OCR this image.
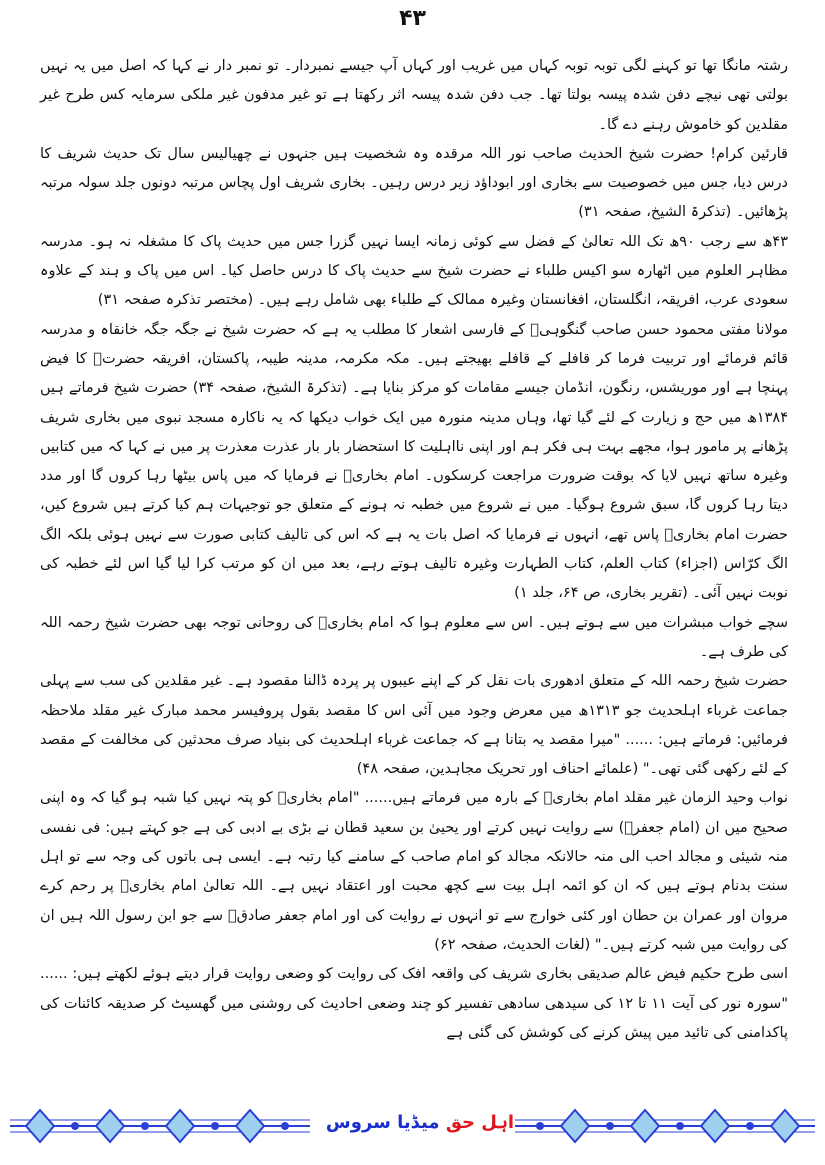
۴۳

رشتہ مانگا تھا تو کہنے لگی توبہ توبہ کہاں میں غریب اور کہاں آپ جیسے نمبردار۔ تو نمبر دار نے کہا کہ اصل میں یہ نہیں بولتی تھی نیچے دفن شدہ پیسہ بولتا تھا۔ جب دفن شدہ پیسہ اثر رکھتا ہے تو غیر مدفون غیر ملکی سرمایہ کس طرح غیر مقلدین کو خاموش رہنے دے گا۔

قارئین کرام! حضرت شیخ الحدیث صاحب نور اللہ مرقدہ وہ شخصیت ہیں جنہوں نے چھیالیس سال تک حدیث شریف کا درس دیا، جس میں خصوصیت سے بخاری اور ابوداؤد زیر درس رہیں۔ بخاری شریف اول پچاس مرتبہ دونوں جلد سولہ مرتبہ پڑھائیں۔ (تذکرۃ الشیخ، صفحہ ۳۱)

۴۳ھ سے رجب ۹۰ھ تک اللہ تعالیٰ کے فضل سے کوئی زمانہ ایسا نہیں گزرا جس میں حدیث پاک کا مشغلہ نہ ہو۔ مدرسہ مظاہر العلوم میں اٹھارہ سو اکیس طلباء نے حضرت شیخ سے حدیث پاک کا درس حاصل کیا۔ اس میں پاک و ہند کے علاوہ سعودی عرب، افریقہ، انگلستان، افغانستان وغیرہ ممالک کے طلباء بھی شامل رہے ہیں۔ (مختصر تذکرہ صفحہ ۳۱)

مولانا مفتی محمود حسن صاحب گنگوہیؒ کے فارسی اشعار کا مطلب یہ ہے کہ حضرت شیخ نے جگہ جگہ خانقاہ و مدرسہ قائم فرمائے اور تربیت فرما کر قافلے کے قافلے بھیجتے ہیں۔ مکہ مکرمہ، مدینہ طیبہ، پاکستان، افریقہ حضرتؒ کا فیض پہنچا ہے اور موریشس، رنگون، انڈمان جیسے مقامات کو مرکز بنایا ہے۔ (تذکرۃ الشیخ، صفحہ ۳۴) حضرت شیخ فرماتے ہیں ۱۳۸۴ھ میں حج و زیارت کے لئے گیا تھا، وہاں مدینہ منورہ میں ایک خواب دیکھا کہ یہ ناکارہ مسجد نبوی میں بخاری شریف پڑھانے پر مامور ہوا، مجھے بہت ہی فکر ہم اور اپنی نااہلیت کا استحضار بار بار عذرت معذرت پر میں نے کہا کہ میں کتابیں وغیرہ ساتھ نہیں لایا کہ بوقت ضرورت مراجعت کرسکوں۔ امام بخاریؒ نے فرمایا کہ میں پاس بیٹھا رہا کروں گا اور مدد دیتا رہا کروں گا، سبق شروع ہوگیا۔ میں نے شروع میں خطبہ نہ ہونے کے متعلق جو توجیہات ہم کیا کرتے ہیں شروع کیں، حضرت امام بخاریؒ پاس تھے، انہوں نے فرمایا کہ اصل بات یہ ہے کہ اس کی تالیف کتابی صورت سے نہیں ہوئی بلکہ الگ الگ کرّاس (اجزاء) کتاب العلم، کتاب الطہارت وغیرہ تالیف ہوتے رہے، بعد میں ان کو مرتب کرا لیا گیا اس لئے خطبہ کی نوبت نہیں آئی۔ (تقریر بخاری، ص ۶۴، جلد ۱)

سچے خواب مبشرات میں سے ہوتے ہیں۔ اس سے معلوم ہوا کہ امام بخاریؒ کی روحانی توجہ بھی حضرت شیخ رحمہ اللہ کی طرف ہے۔

حضرت شیخ رحمہ اللہ کے متعلق ادھوری بات نقل کر کے اپنے عیبوں پر پردہ ڈالنا مقصود ہے۔ غیر مقلدین کی سب سے پہلی جماعت غرباء اہلحدیث جو ۱۳۱۳ھ میں معرض وجود میں آئی اس کا مقصد بقول پروفیسر محمد مبارک غیر مقلد ملاحظہ فرمائیں: فرماتے ہیں: ...... "میرا مقصد یہ بتانا ہے کہ جماعت غرباء اہلحدیث کی بنیاد صرف محدثین کی مخالفت کے مقصد کے لئے رکھی گئی تھی۔" (علمائے احناف اور تحریک مجاہدین، صفحہ ۴۸)

نواب وحید الزمان غیر مقلد امام بخاریؒ کے بارہ میں فرماتے ہیں...... "امام بخاریؒ کو پتہ نہیں کیا شبہ ہو گیا کہ وہ اپنی صحیح میں ان (امام جعفرؒ) سے روایت نہیں کرتے اور یحییٰ بن سعید قطان نے بڑی بے ادبی کی ہے جو کہتے ہیں: فی نفسی منہ شیئی و مجالد احب الی منہ حالانکہ مجالد کو امام صاحب کے سامنے کیا رتبہ ہے۔ ایسی ہی باتوں کی وجہ سے تو اہل سنت بدنام ہوتے ہیں کہ ان کو ائمہ اہل بیت سے کچھ محبت اور اعتقاد نہیں ہے۔ اللہ تعالیٰ امام بخاریؒ پر رحم کرے مروان اور عمران بن حطان اور کئی خوارج سے تو انہوں نے روایت کی اور امام جعفر صادقؒ سے جو ابن رسول اللہ ہیں ان کی روایت میں شبہ کرتے ہیں۔" (لغات الحدیث، صفحہ ۶۲)

اسی طرح حکیم فیض عالم صدیقی بخاری شریف کی واقعہ افک کی روایت کو وضعی روایت قرار دیتے ہوئے لکھتے ہیں: ...... "سورہ نور کی آیت ۱۱ تا ۱۲ کی سیدھی سادھی تفسیر کو چند وضعی احادیث کی روشنی میں گھسیٹ کر صدیقہ کائنات کی پاکدامنی کی تائید میں پیش کرنے کی کوشش کی گئی ہے

اہل حق میڈیا سروس
